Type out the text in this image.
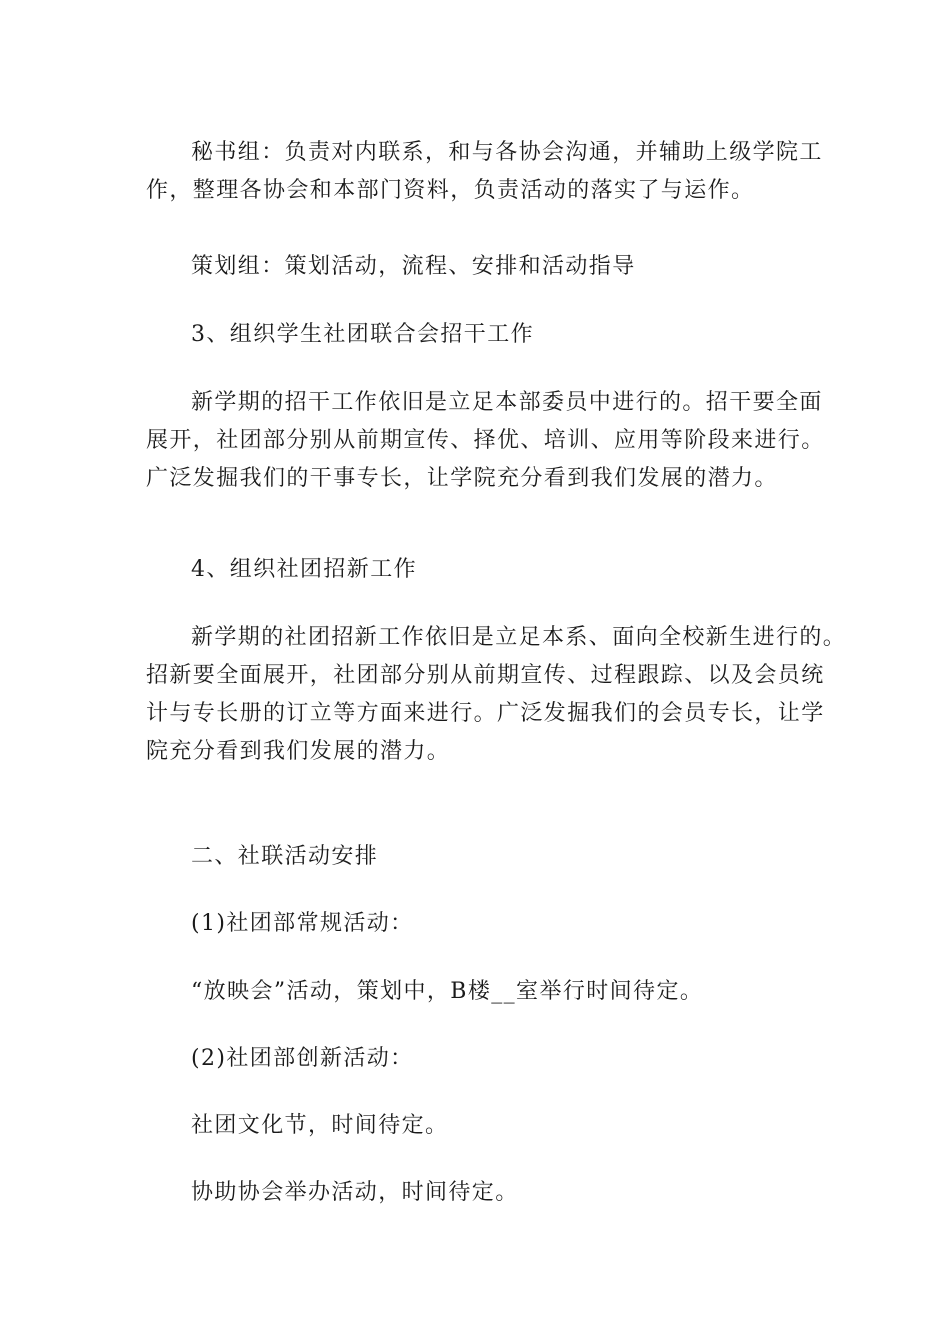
秘书组：负责对内联系，和与各协会沟通，并辅助上级学院工
作，整理各协会和本部门资料，负责活动的落实了与运作。

策划组：策划活动，流程、安排和活动指导

3、组织学生社团联合会招干工作

新学期的招干工作依旧是立足本部委员中进行的。招干要全面
展开，社团部分别从前期宣传、择优、培训、应用等阶段来进行。
广泛发掘我们的干事专长，让学院充分看到我们发展的潜力。

4、组织社团招新工作

新学期的社团招新工作依旧是立足本系、面向全校新生进行的。
招新要全面展开，社团部分别从前期宣传、过程跟踪、以及会员统
计与专长册的订立等方面来进行。广泛发掘我们的会员专长，让学
院充分看到我们发展的潜力。

二、社联活动安排

(1)社团部常规活动：

“放映会”活动，策划中，B楼__室举行时间待定。

(2)社团部创新活动：

社团文化节，时间待定。

协助协会举办活动，时间待定。
